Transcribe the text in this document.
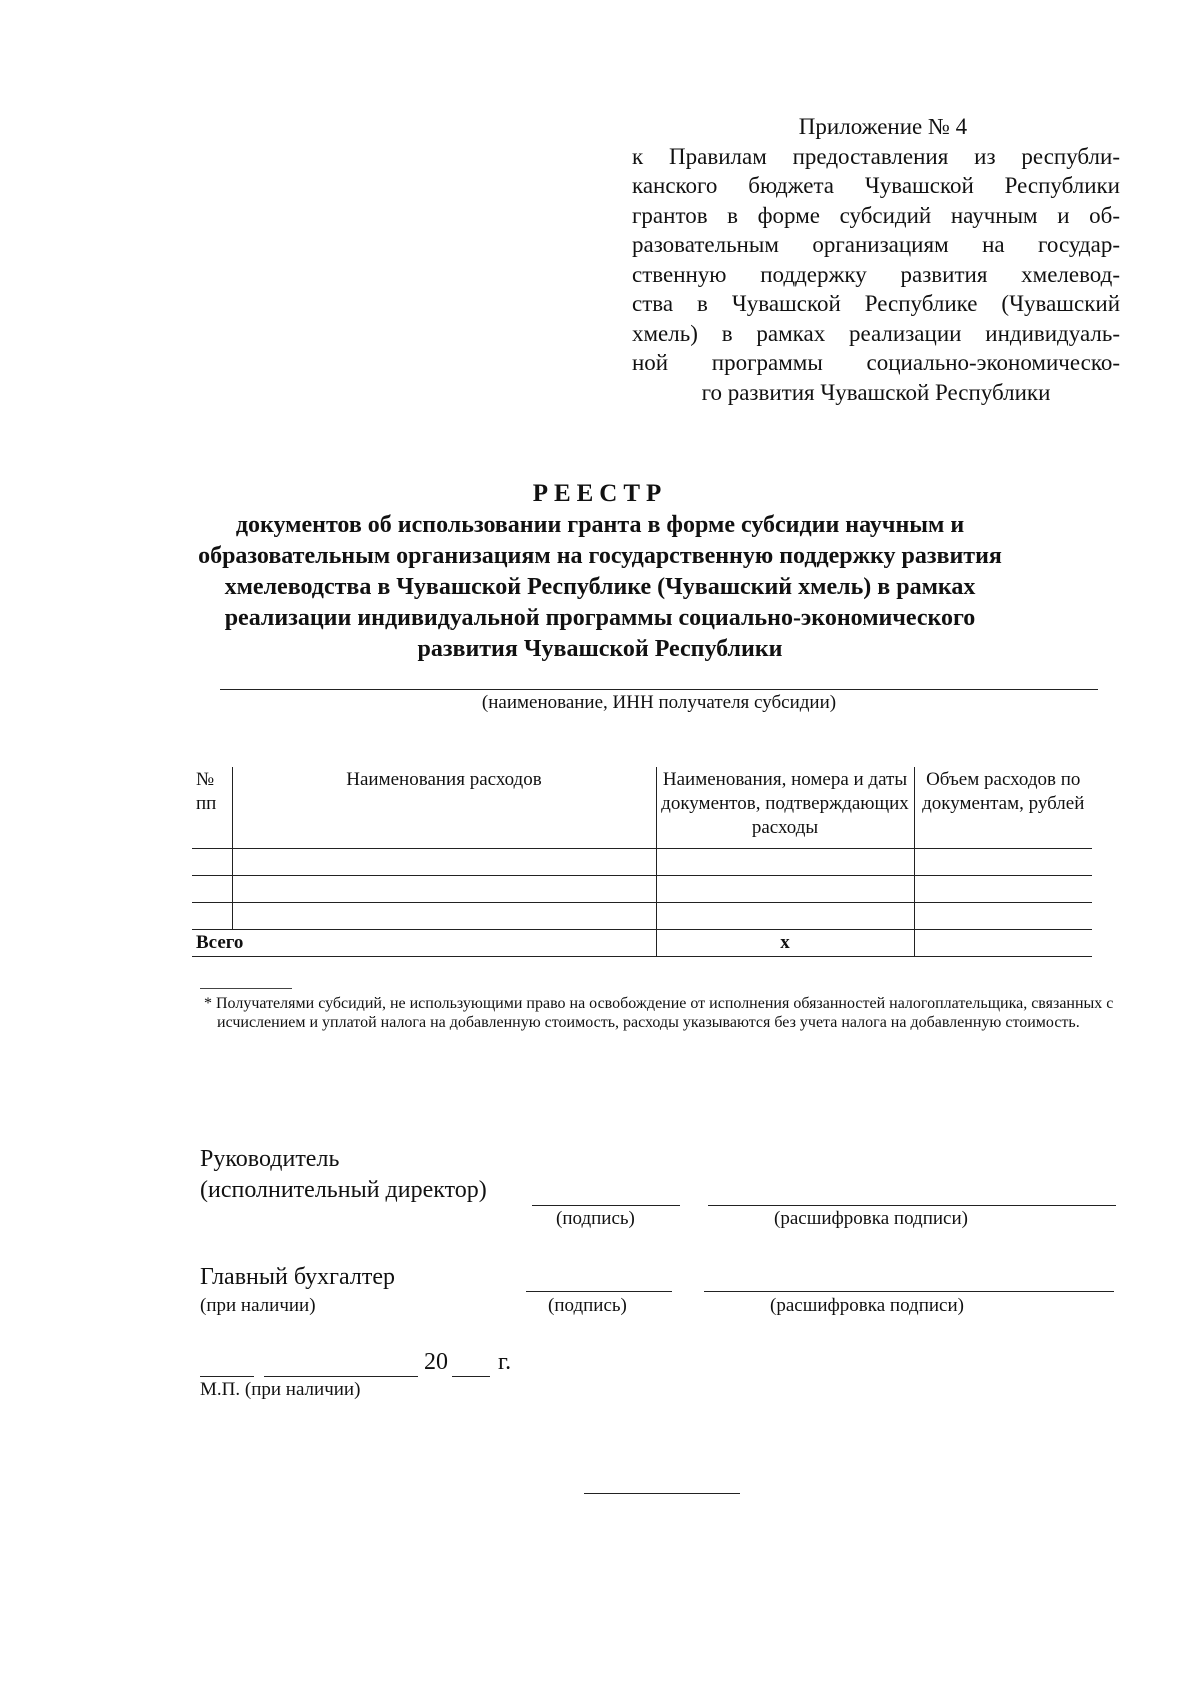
Приложение № 4
к Правилам предоставления из республи-
канского бюджета Чувашской Республики
грантов в форме субсидий научным и об-
разовательным организациям на государ-
ственную поддержку развития хмелевод-
ства в Чувашской Республике (Чувашский
хмель) в рамках реализации индивидуаль-
ной программы социально-экономическо-
го развития Чувашской Республики
РЕЕСТР
документов об использовании гранта в форме субсидии научным и
образовательным организациям на государственную поддержку развития
хмелеводства в Чувашской Республике (Чувашский хмель) в рамках
реализации индивидуальной программы социально-экономического
развития Чувашской Республики
(наименование, ИНН получателя субсидии)
№ пп	Наименования расходов	Наименования, номера и даты документов, подтверждающих расходы	Объем расходов по документам, рублей

Всего		х	
* Получателями субсидий, не использующими право на освобождение от исполнения обязанностей налогоплательщика, связанных с исчислением и уплатой налога на добавленную стоимость, расходы указываются без учета налога на добавленную стоимость.
Руководитель
(исполнительный директор)
(подпись)	(расшифровка подписи)
Главный бухгалтер
(при наличии)	(подпись)	(расшифровка подписи)
20 г.
М.П. (при наличии)
